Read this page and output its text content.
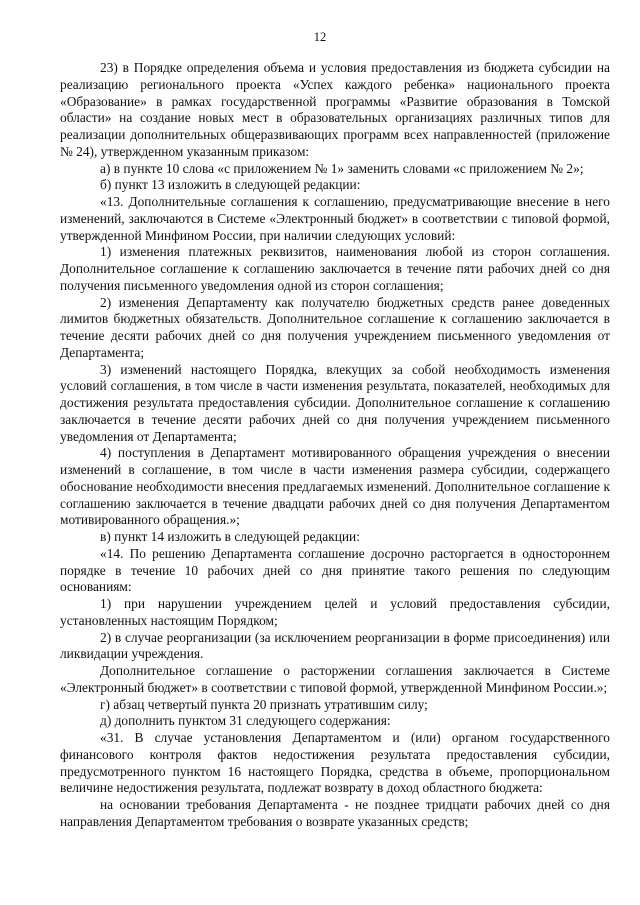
12

23) в Порядке определения объема и условия предоставления из бюджета субсидии на реализацию регионального проекта «Успех каждого ребенка» национального проекта «Образование» в рамках государственной программы «Развитие образования в Томской области» на создание новых мест в образовательных организациях различных типов для реализации дополнительных общеразвивающих программ всех направленностей (приложение № 24), утвержденном указанным приказом:

а) в пункте 10 слова «с приложением № 1» заменить словами «с приложением № 2»;

б) пункт 13 изложить в следующей редакции:

«13. Дополнительные соглашения к соглашению, предусматривающие внесение в него изменений, заключаются в Системе «Электронный бюджет» в соответствии с типовой формой, утвержденной Минфином России, при наличии следующих условий:

1) изменения платежных реквизитов, наименования любой из сторон соглашения. Дополнительное соглашение к соглашению заключается в течение пяти рабочих дней со дня получения письменного уведомления одной из сторон соглашения;

2) изменения Департаменту как получателю бюджетных средств ранее доведенных лимитов бюджетных обязательств. Дополнительное соглашение к соглашению заключается в течение десяти рабочих дней со дня получения учреждением письменного уведомления от Департамента;

3) изменений настоящего Порядка, влекущих за собой необходимость изменения условий соглашения, в том числе в части изменения результата, показателей, необходимых для достижения результата предоставления субсидии. Дополнительное соглашение к соглашению заключается в течение десяти рабочих дней со дня получения учреждением письменного уведомления от Департамента;

4) поступления в Департамент мотивированного обращения учреждения о внесении изменений в соглашение, в том числе в части изменения размера субсидии, содержащего обоснование необходимости внесения предлагаемых изменений. Дополнительное соглашение к соглашению заключается в течение двадцати рабочих дней со дня получения Департаментом мотивированного обращения.»;

в) пункт 14 изложить в следующей редакции:

«14. По решению Департамента соглашение досрочно расторгается в одностороннем порядке в течение 10 рабочих дней со дня принятие такого решения по следующим основаниям:

1) при нарушении учреждением целей и условий предоставления субсидии, установленных настоящим Порядком;

2) в случае реорганизации (за исключением реорганизации в форме присоединения) или ликвидации учреждения.

Дополнительное соглашение о расторжении соглашения заключается в Системе «Электронный бюджет» в соответствии с типовой формой, утвержденной Минфином России.»;

г) абзац четвертый пункта 20 признать утратившим силу;

д) дополнить пунктом 31 следующего содержания:

«31. В случае установления Департаментом и (или) органом государственного финансового контроля фактов недостижения результата предоставления субсидии, предусмотренного пунктом 16 настоящего Порядка, средства в объеме, пропорциональном величине недостижения результата, подлежат возврату в доход областного бюджета:

на основании требования Департамента - не позднее тридцати рабочих дней со дня направления Департаментом требования о возврате указанных средств;
